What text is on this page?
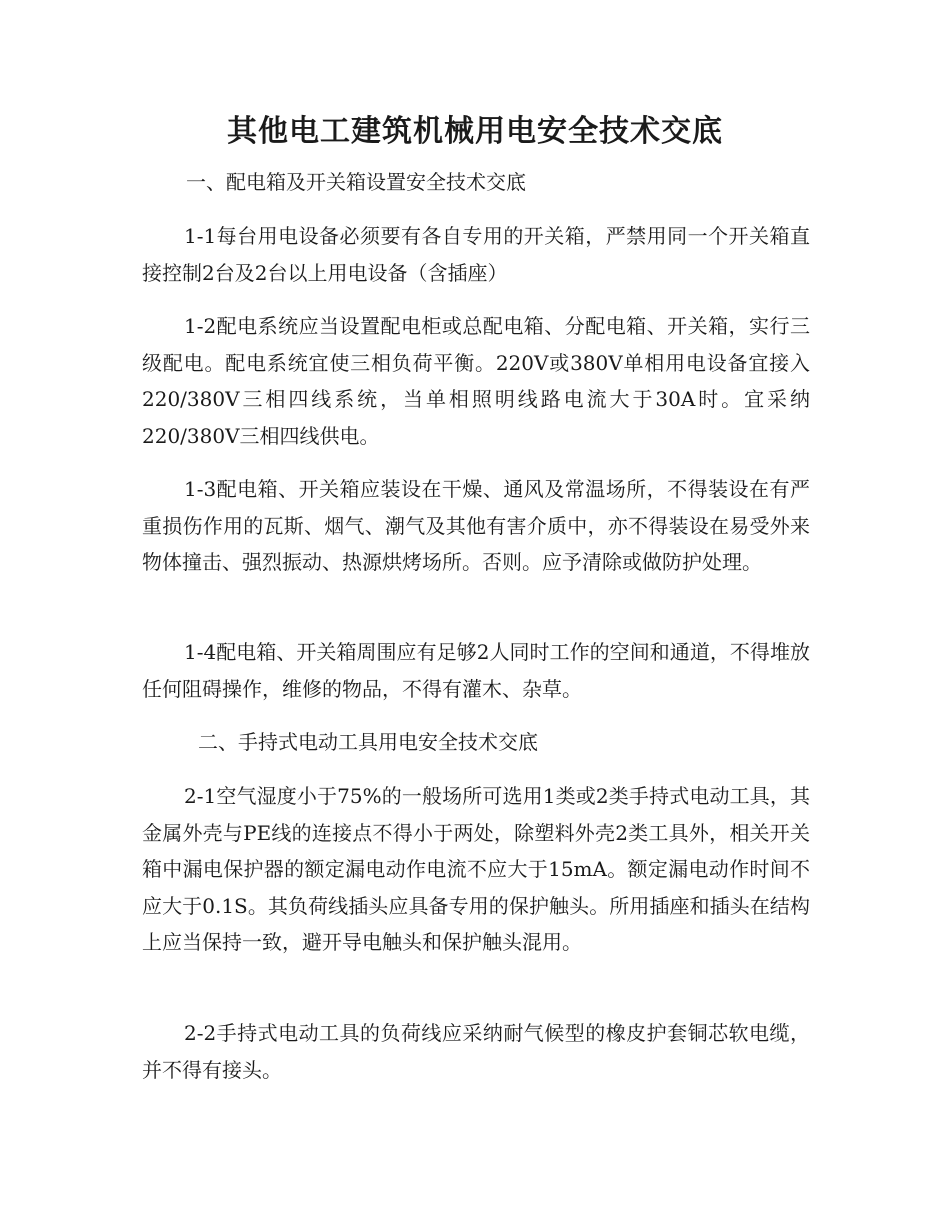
其他电工建筑机械用电安全技术交底

一、配电箱及开关箱设置安全技术交底

1-1每台用电设备必须要有各自专用的开关箱，严禁用同一个开关箱直接控制2台及2台以上用电设备（含插座）

1-2配电系统应当设置配电柜或总配电箱、分配电箱、开关箱，实行三级配电。配电系统宜使三相负荷平衡。220V或380V单相用电设备宜接入220/380V三相四线系统，当单相照明线路电流大于30A时。宜采纳220/380V三相四线供电。

1-3配电箱、开关箱应装设在干燥、通风及常温场所，不得装设在有严重损伤作用的瓦斯、烟气、潮气及其他有害介质中，亦不得装设在易受外来物体撞击、强烈振动、热源烘烤场所。否则。应予清除或做防护处理。

1-4配电箱、开关箱周围应有足够2人同时工作的空间和通道，不得堆放任何阻碍操作，维修的物品，不得有灌木、杂草。

二、手持式电动工具用电安全技术交底

2-1空气湿度小于75%的一般场所可选用1类或2类手持式电动工具，其金属外壳与PE线的连接点不得小于两处，除塑料外壳2类工具外，相关开关箱中漏电保护器的额定漏电动作电流不应大于15mA。额定漏电动作时间不应大于0.1S。其负荷线插头应具备专用的保护触头。所用插座和插头在结构上应当保持一致，避开导电触头和保护触头混用。

2-2手持式电动工具的负荷线应采纳耐气候型的橡皮护套铜芯软电缆，并不得有接头。
